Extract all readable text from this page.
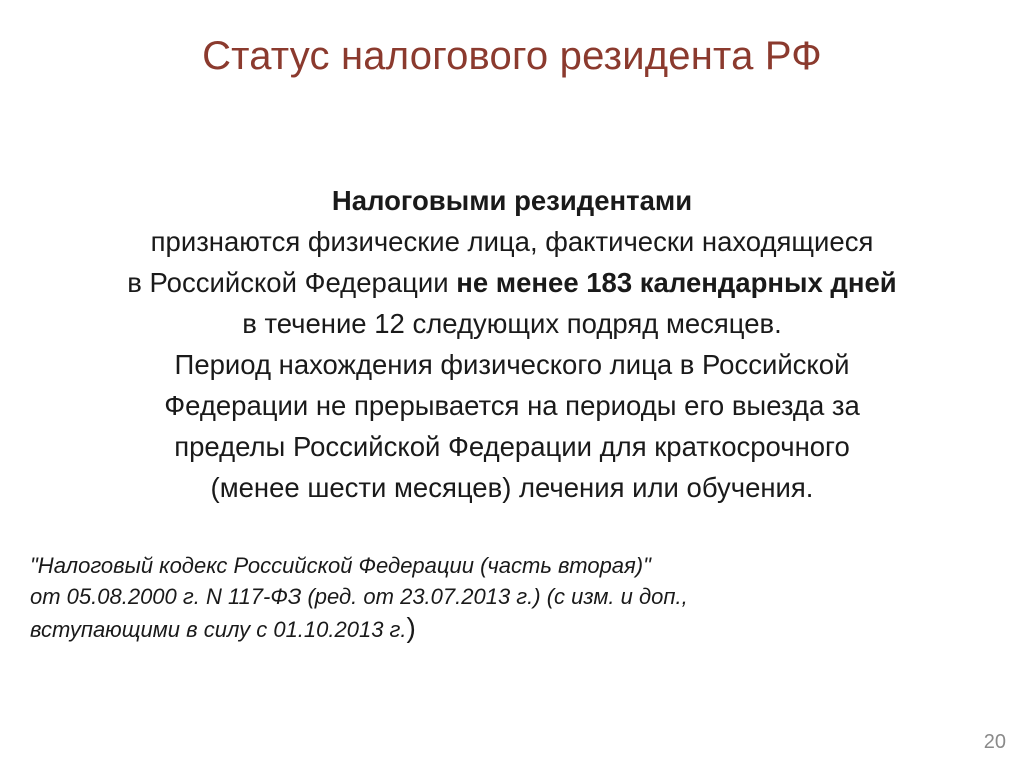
Статус налогового резидента РФ
Налоговыми резидентами
признаются физические лица, фактически находящиеся
в Российской Федерации не менее 183 календарных дней
в течение 12 следующих подряд месяцев.
Период нахождения физического лица в Российской
Федерации не прерывается на периоды его выезда за
пределы Российской Федерации для краткосрочного
(менее шести месяцев) лечения или обучения.
"Налоговый кодекс Российской Федерации (часть вторая)"
от 05.08.2000 г. N 117-ФЗ (ред. от 23.07.2013 г.) (с изм. и доп.,
вступающими в силу с 01.10.2013 г.)
20
